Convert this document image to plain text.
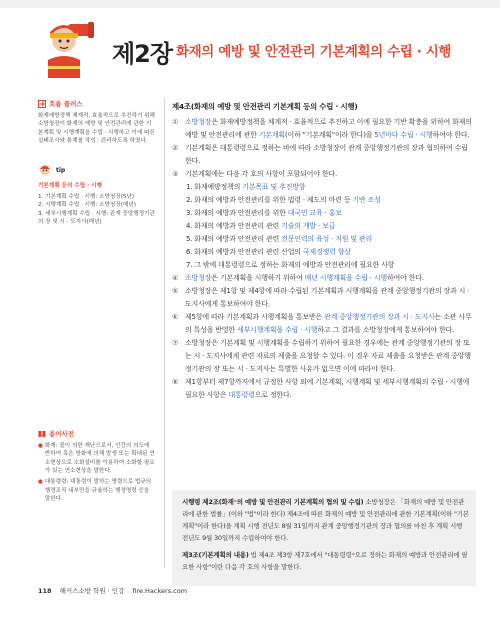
제2장 화재의 예방 및 안전관리 기본계획의 수립 · 시행
흐름 플러스

화재예방정책 체계적, 효율적으로 추진하기 위해 소방청장이 화재의 예방 및 안전관리에 관한 기본계획 및 시행계획을 수립 · 시행하고 이에 따른 실태조사와 통계를 작성 · 관리하도록 하였다.

tip
기본계획 등의 수립 · 시행
1. 기본계획 수립 · 시행: 소방청장(5년)
2. 시행계획 수립 · 시행: 소방청장(매년)
3. 세부시행계획 수립 · 시행: 관계 중앙행정기관의 장 및 시 · 도지사(매년)
용어사전
● 화재: 불이 의한 재난으로서, 인간의 의도에 반하여 혹은 방화에 의해 발생 또는 확대된 연소현상으로 소화설비를 이용하여 소화할 필요가 있는 연소현상을 말한다.
● 대통령령: 대통령이 발하는 명령으로 법규의 행정조직 내부만을 규율하는 행정명령 등을 말한다.
제4조(화재의 예방 및 안전관리 기본계획 등의 수립 · 시행)
① 소방청장은 화재예방정책을 체계적 · 효율적으로 추진하고 이에 필요한 기반 확충을 위하여 화재의 예방 및 안전관리에 관한 기본계획(이하 "기본계획"이라 한다)을 5년마다 수립 · 시행하여야 한다.
② 기본계획은 대통령령으로 정하는 바에 따라 소방청장이 관계 중앙행정기관의 장과 협의하여 수립한다.
③ 기본계획에는 다음 각 호의 사항이 포함되어야 한다.
1. 화재예방정책의 기본목표 및 추진방향
2. 화재의 예방과 안전관리를 위한 법령 · 제도의 마련 등 기반 조성
3. 화재의 예방과 안전관리를 위한 대국민 교육 · 홍보
4. 화재의 예방과 안전관리 관련 기술의 개발 · 보급
5. 화재의 예방과 안전관리 관련 전문인력의 육성 · 지원 및 관리
6. 화재의 예방과 안전관리 관련 산업의 국제경쟁력 향상
7. 그 밖에 대통령령으로 정하는 화재의 예방과 안전관리에 필요한 사항
④ 소방청장은 기본계획을 시행하기 위하여 매년 시행계획을 수립 · 시행하여야 한다.
⑤ 소방청장은 제1항 및 제4항에 따라 수립된 기본계획과 시행계획을 관계 중앙행정기관의 장과 시 · 도지사에게 통보하여야 한다.
⑥ 제5항에 따라 기본계획과 시행계획을 통보받은 관계 중앙행정기관의 장과 시 · 도지사는 소관 사무의 특성을 반영한 세부시행계획을 수립 · 시행하고 그 결과를 소방청장에게 통보하여야 한다.
⑦ 소방청장은 기본계획 및 시행계획을 수립하기 위하여 필요한 경우에는 관계 중앙행정기관의 장 또는 시 · 도지사에게 관련 자료의 제출을 요청할 수 있다. 이 경우 자료 제출을 요청받은 관계 중앙행정기관의 장 또는 시 · 도지사는 특별한 사유가 없으면 이에 따라야 한다.
⑧ 제1항부터 제7항까지에서 규정한 사항 외에 기본계획, 시행계획 및 세부시행계획의 수립 · 시행에 필요한 사항은 대통령령으로 정한다.
시행령 제2조(화재*의 예방 및 안전관리 기본계획의 협의 및 수립) 소방청장은 「화재의 예방 및 안전관리에 관한 법률」(이하 "법"이라 한다) 제4조에 따른 화재의 예방 및 안전관리에 관한 기본계획(이하 "기본계획"이라 한다)을 계획 시행 전년도 8월 31일까지 관계 중앙행정기관의 장과 협의를 마친 후 계획 시행 전년도 9월 30일까지 수립하여야 한다.
제3조(기본계획의 내용) 법 제4조 제3항 제7호에서 "대통령령*으로 정하는 화재의 예방과 안전관리에 필요한 사항"이란 다음 각 호의 사항을 말한다.
118 해커스소방 학원 · 인강 fire.Hackers.com
